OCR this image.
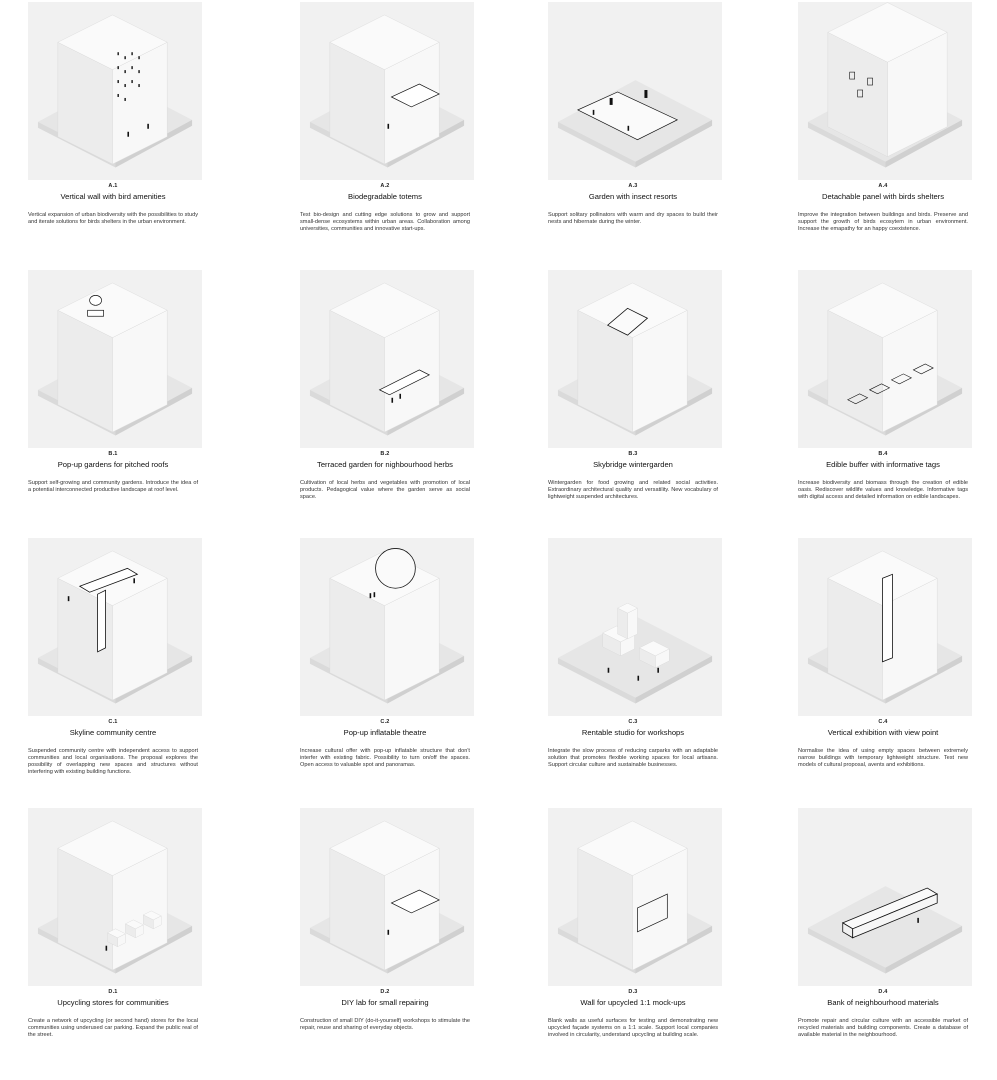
A.1
Vertical wall with bird amenities
Vertical expansion of urban biodiversity with the possibilities to study and iterate solutions for birds shelters in the urban environment.
A.2
Biodegradable totems
Test bio-design and cutting edge solutions to grow and support small-dense ecosystems within urban areas. Collaboration among universities, communities and innovative start-ups.
A.3
Garden with insect resorts
Support solitary pollinators with warm and dry spaces to build their nests and hibernate during the winter.
A.4
Detachable panel with birds shelters
Improve the integration between buildings and birds. Preserve and support the growth of birds ecosytem in urban environment. Increase the emapathy for an happy coexistence.
B.1
Pop-up gardens for pitched roofs
Support self-growing and community gardens. Introduce the idea of a potential interconnected productive landscape at roof level.
B.2
Terraced garden for nighbourhood herbs
Cultivation of local herbs and vegetables with promotion of local products. Pedagogical value where the garden serve as social space.
B.3
Skybridge wintergarden
Wintergarden for food growing and related social activities. Extraordinary architectural quality and versatility. New vocabulary of lightweight suspended architectures.
B.4
Edible buffer with informative tags
Increase biodiversity and biomass through the creation of edible oasis. Rediscover wildlife values and knowledge. Informative tags with digital access and detailed information on edible landscapes.
C.1
Skyline community centre
Suspended community centre with independent access to support communities and local organisations. The proposal explores the possibility of overlapping new spaces and structures without interfering with existing building functions.
C.2
Pop-up inflatable theatre
Increase cultural offer with pop-up inflatable structure that don't interfer with existing fabric. Possibility to turn on/off the spaces. Open access to valuable spot and panoramas.
C.3
Rentable studio for workshops
Integrate the slow process of reducing carparks with an adaptable solution that promotes flexible working spaces for local artisans. Support circular culture and sustainable businesses.
C.4
Vertical exhibition with view point
Normalise the idea of using empty spaces between extremely narrow buildings with temporary lightweight structure. Test new models of cultural proposal, avents and exhibitions.
D.1
Upcycling stores for communities
Create a network of upcycling (or second hand) stores for the local communities using underused car parking. Expand the public real of the street.
D.2
DIY lab for small repairing
Construction of small DIY (do-it-yourself) workshops to stimulate the repair, reuse and sharing of everyday objects.
D.3
Wall for upcycled 1:1 mock-ups
Blank walls as useful surfaces for testing and demonstrating new upcycled façade systems on a 1:1 scale. Support local companies involved in circularity, understand upcycling at building scale.
D.4
Bank of neighbourhood materials
Promote repair and circular culture with an accessible market of recycled materials and building components. Create a database of available material in the neighbourhood.
